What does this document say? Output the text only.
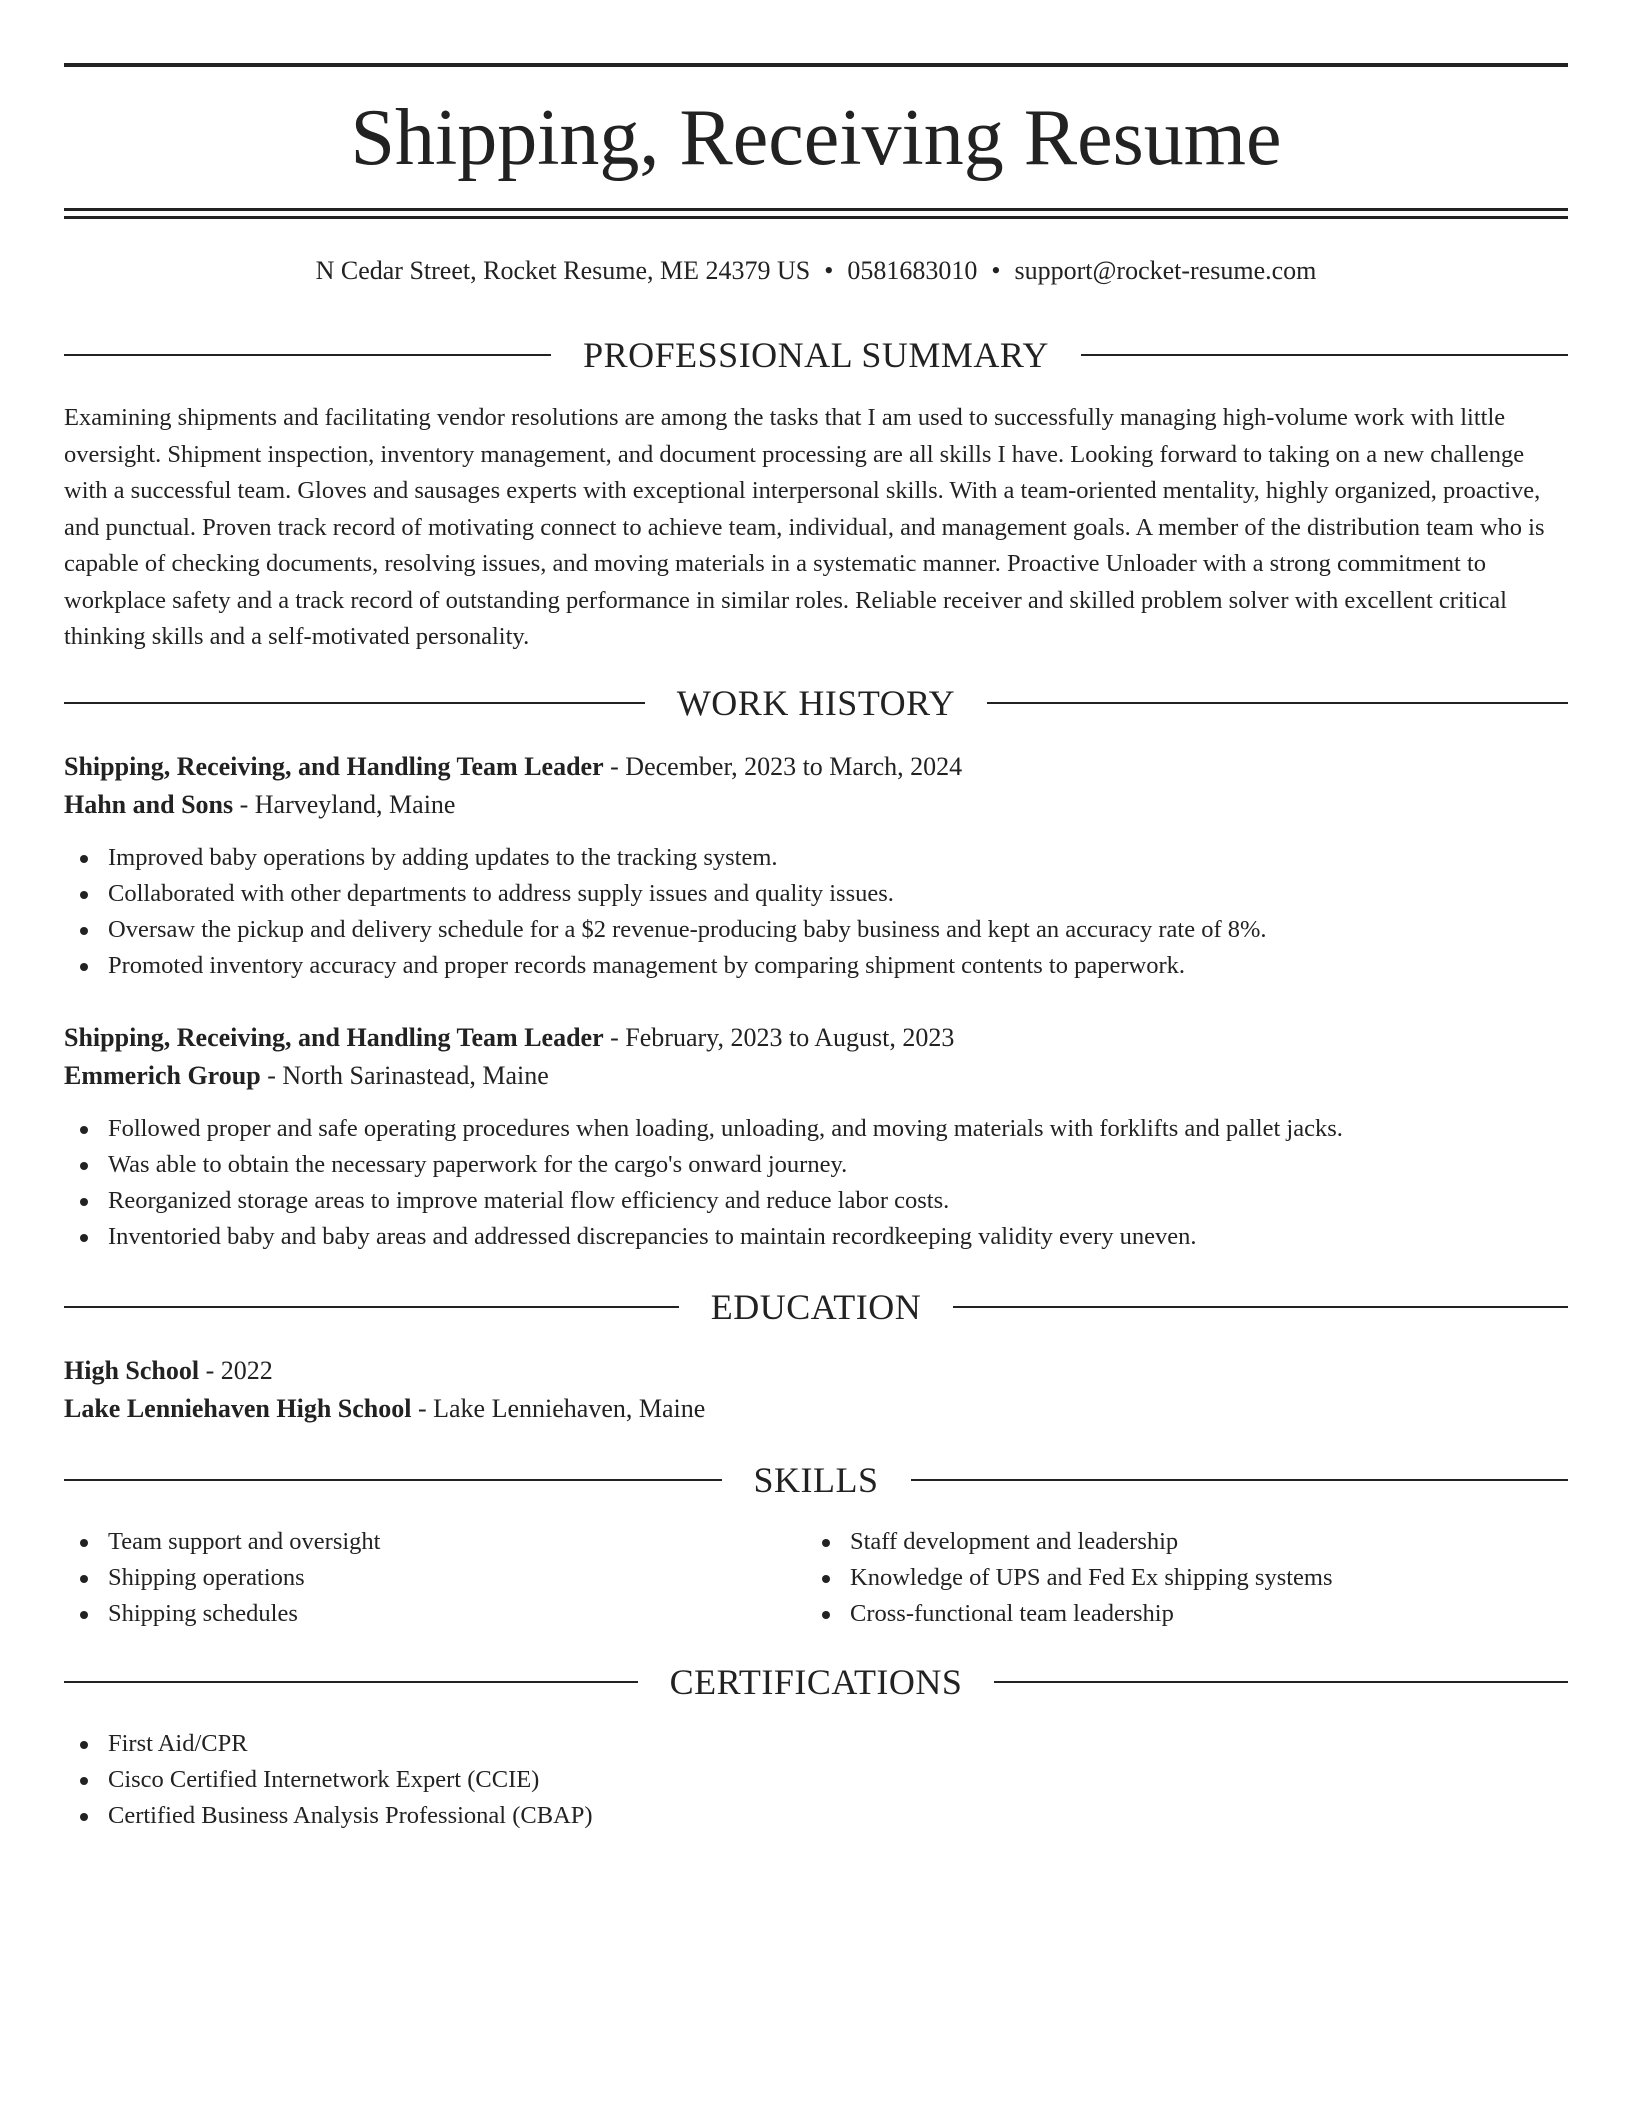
Shipping, Receiving Resume
N Cedar Street, Rocket Resume, ME 24379 US • 0581683010 • support@rocket-resume.com
PROFESSIONAL SUMMARY

Examining shipments and facilitating vendor resolutions are among the tasks that I am used to successfully managing high-volume work with little oversight. Shipment inspection, inventory management, and document processing are all skills I have. Looking forward to taking on a new challenge with a successful team. Gloves and sausages experts with exceptional interpersonal skills. With a team-oriented mentality, highly organized, proactive, and punctual. Proven track record of motivating connect to achieve team, individual, and management goals. A member of the distribution team who is capable of checking documents, resolving issues, and moving materials in a systematic manner. Proactive Unloader with a strong commitment to workplace safety and a track record of outstanding performance in similar roles. Reliable receiver and skilled problem solver with excellent critical thinking skills and a self-motivated personality.

WORK HISTORY
Shipping, Receiving, and Handling Team Leader - December, 2023 to March, 2024
Hahn and Sons - Harveyland, Maine
Improved baby operations by adding updates to the tracking system.
Collaborated with other departments to address supply issues and quality issues.
Oversaw the pickup and delivery schedule for a $2 revenue-producing baby business and kept an accuracy rate of 8%.
Promoted inventory accuracy and proper records management by comparing shipment contents to paperwork.
Shipping, Receiving, and Handling Team Leader - February, 2023 to August, 2023
Emmerich Group - North Sarinastead, Maine
Followed proper and safe operating procedures when loading, unloading, and moving materials with forklifts and pallet jacks.
Was able to obtain the necessary paperwork for the cargo's onward journey.
Reorganized storage areas to improve material flow efficiency and reduce labor costs.
Inventoried baby and baby areas and addressed discrepancies to maintain recordkeeping validity every uneven.
EDUCATION
High School - 2022
Lake Lenniehaven High School - Lake Lenniehaven, Maine
SKILLS
Team support and oversight
Shipping operations
Shipping schedules
Staff development and leadership
Knowledge of UPS and Fed Ex shipping systems
Cross-functional team leadership
CERTIFICATIONS
First Aid/CPR
Cisco Certified Internetwork Expert (CCIE)
Certified Business Analysis Professional (CBAP)
